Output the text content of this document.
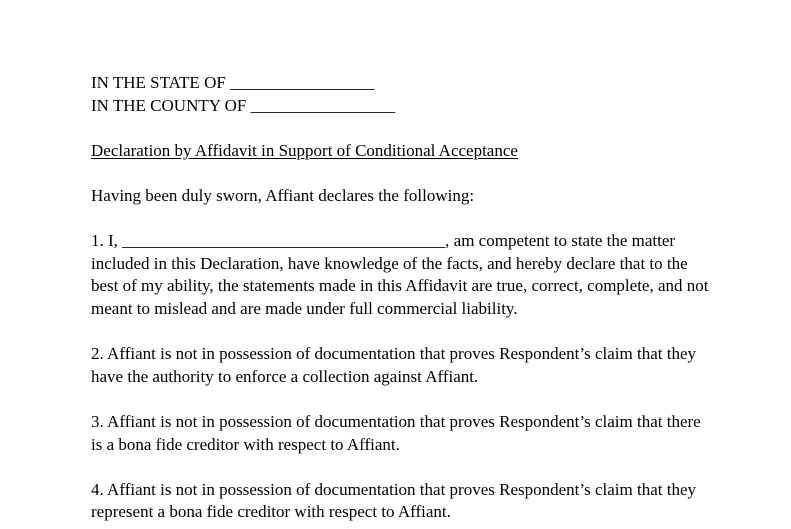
IN THE STATE OF _________________
IN THE COUNTY OF _________________
Declaration by Affidavit in Support of Conditional Acceptance

Having been duly sworn, Affiant declares the following:

1. I, ______________________________________, am competent to state the matter included in this Declaration, have knowledge of the facts, and hereby declare that to the best of my ability, the statements made in this Affidavit are true, correct, complete, and not meant to mislead and are made under full commercial liability.

2. Affiant is not in possession of documentation that proves Respondent’s claim that they have the authority to enforce a collection against Affiant.

3. Affiant is not in possession of documentation that proves Respondent’s claim that there is a bona fide creditor with respect to Affiant.

4. Affiant is not in possession of documentation that proves Respondent’s claim that they represent a bona fide creditor with respect to Affiant.
